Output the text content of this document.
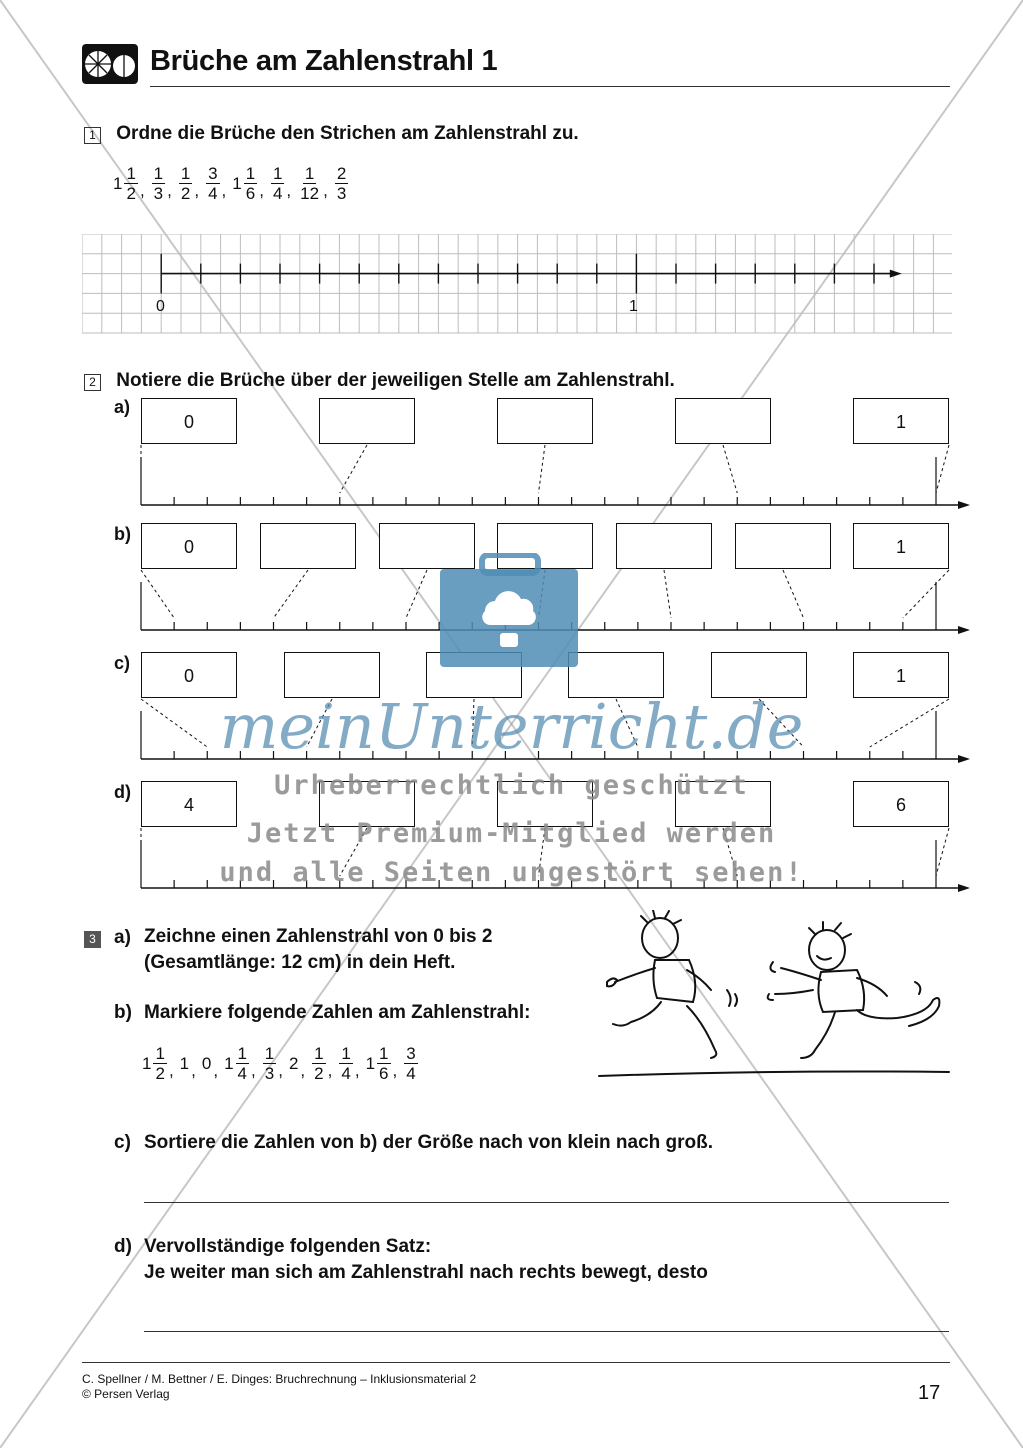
Brüche am Zahlenstrahl 1
1 Ordne die Brüche den Strichen am Zahlenstrahl zu.
$1 \frac{1}{2}$ , $\frac{1}{3}$ , $\frac{1}{2}$ , $\frac{3}{4}$ , $1 \frac{1}{6}$ , $\frac{1}{4}$ , $\frac{1}{12}$ , $\frac{2}{3}$
0	1
2 Notiere die Brüche über der jeweiligen Stelle am Zahlenstrahl.
a)
b)
c)
d)
0	1
0	1
0	1
4	6
meinUnterricht.de
Urheberrechtlich geschützt
Jetzt Premium-Mitglied werden
und alle Seiten ungestört sehen!
3 a) Zeichne einen Zahlenstrahl von 0 bis 2
(Gesamtlänge: 12 cm) in dein Heft.
b) Markiere folgende Zahlen am Zahlenstrahl:
$1 \frac{1}{2}$ , 1 , 0 , $1 \frac{1}{4}$ , $\frac{1}{3}$ , 2 , $\frac{1}{2}$ , $\frac{1}{4}$ , $1 \frac{1}{6}$ , $\frac{3}{4}$
c) Sortiere die Zahlen von b) der Größe nach von klein nach groß.
d) Vervollständige folgenden Satz:
Je weiter man sich am Zahlenstrahl nach rechts bewegt, desto
C. Spellner / M. Bettner / E. Dinges: Bruchrechnung – Inklusionsmaterial 2
© Persen Verlag	17
